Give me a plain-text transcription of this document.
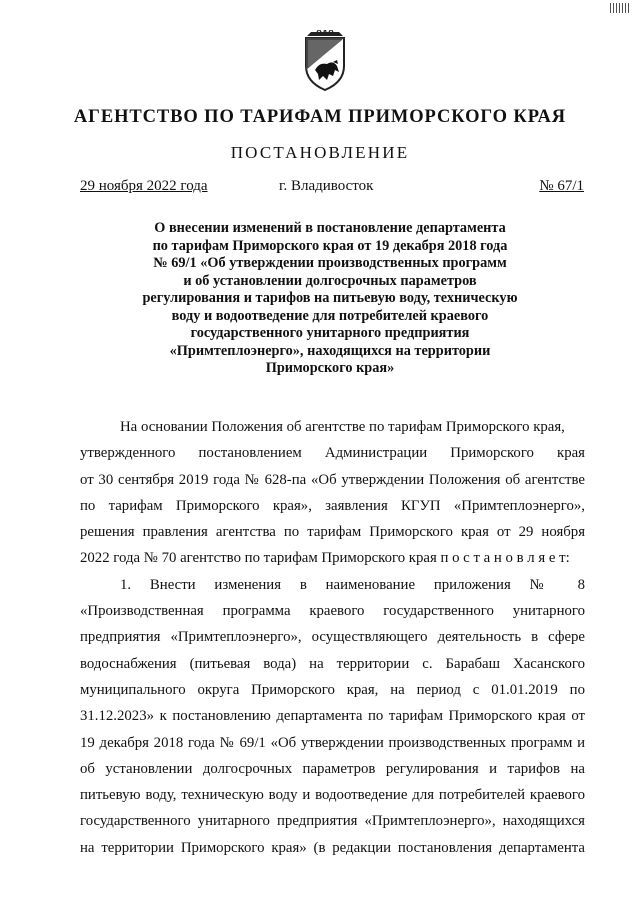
АГЕНТСТВО ПО ТАРИФАМ ПРИМОРСКОГО КРАЯ
ПОСТАНОВЛЕНИЕ
29 ноября 2022 года	г. Владивосток	№ 67/1
О внесении изменений в постановление департамента
по тарифам Приморского края от 19 декабря 2018 года
№ 69/1 «Об утверждении производственных программ
и об установлении долгосрочных параметров
регулирования и тарифов на питьевую воду, техническую
воду и водоотведение для потребителей краевого
государственного унитарного предприятия
«Примтеплоэнерго», находящихся на территории
Приморского края»
На основании Положения об агентстве по тарифам Приморского края,
утвержденного постановлением Администрации Приморского края
от 30 сентября 2019 года № 628-па «Об утверждении Положения об агентстве
по тарифам Приморского края», заявления КГУП «Примтеплоэнерго»,
решения правления агентства по тарифам Приморского края от 29 ноября
2022 года № 70 агентство по тарифам Приморского края п о с т а н о в л я е т:
1. Внести изменения в наименование приложения № 8
«Производственная программа краевого государственного унитарного
предприятия «Примтеплоэнерго», осуществляющего деятельность в сфере
водоснабжения (питьевая вода) на территории с. Барабаш Хасанского
муниципального округа Приморского края, на период с 01.01.2019 по
31.12.2023» к постановлению департамента по тарифам Приморского края от
19 декабря 2018 года № 69/1 «Об утверждении производственных программ и
об установлении долгосрочных параметров регулирования и тарифов на
питьевую воду, техническую воду и водоотведение для потребителей краевого
государственного унитарного предприятия «Примтеплоэнерго», находящихся
на территории Приморского края» (в редакции постановления департамента
